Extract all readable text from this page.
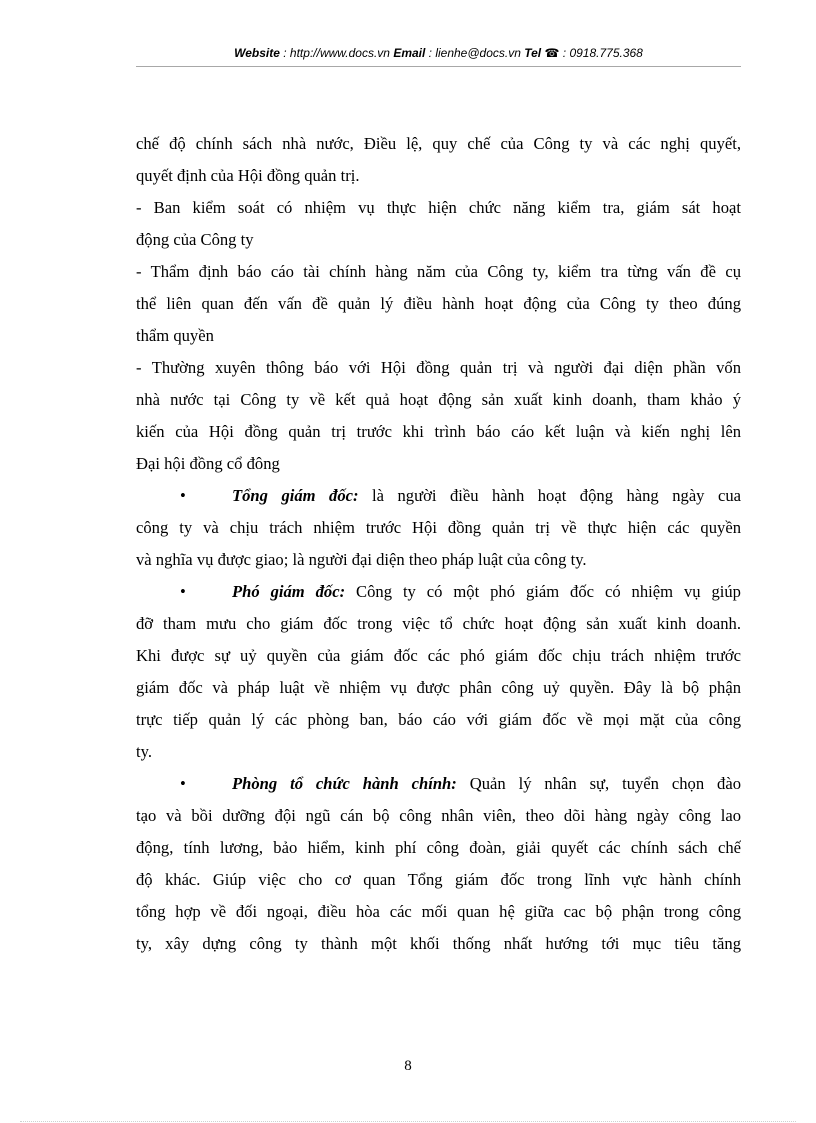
Website : http://www.docs.vn Email : lienhe@docs.vn Tel ☎ : 0918.775.368
chế độ chính sách nhà nước, Điều lệ, quy chế của Công ty và các nghị quyết,
quyết định của Hội đồng quản trị.
- Ban kiểm soát có nhiệm vụ thực hiện chức năng kiểm tra, giám sát hoạt
động của Công ty
- Thẩm định báo cáo tài chính hàng năm của Công ty, kiểm tra từng vấn đề cụ
thể liên quan đến vấn đề quản lý điều hành hoạt động của Công ty theo đúng
thẩm quyền
- Thường xuyên thông báo với Hội đồng quản trị và người đại diện phần vốn
nhà nước tại Công ty về kết quả hoạt động sản xuất kinh doanh, tham khảo ý
kiến của Hội đồng quản trị trước khi trình báo cáo kết luận và kiến nghị lên
Đại hội đồng cổ đông
•	Tổng giám đốc: là người điều hành hoạt động hàng ngày cua
công ty và chịu trách nhiệm trước Hội đồng quản trị về thực hiện các quyền
và nghĩa vụ được giao; là người đại diện theo pháp luật của công ty.
•	Phó giám đốc: Công ty có một phó giám đốc có nhiệm vụ giúp
đỡ tham mưu cho giám đốc trong việc tổ chức hoạt động sản xuất kinh doanh.
Khi được sự uỷ quyền của giám đốc các phó giám đốc chịu trách nhiệm trước
giám đốc và pháp luật về nhiệm vụ được phân công uỷ quyền. Đây là bộ phận
trực tiếp quản lý các phòng ban, báo cáo với giám đốc về mọi mặt của công
ty.
•	Phòng tổ chức hành chính: Quản lý nhân sự, tuyển chọn đào
tạo và bồi dưỡng đội ngũ cán bộ công nhân viên, theo dõi hàng ngày công lao
động, tính lương, bảo hiểm, kinh phí công đoàn, giải quyết các chính sách chế
độ khác. Giúp việc cho cơ quan Tổng giám đốc trong lĩnh vực hành chính
tổng hợp về đối ngoại, điều hòa các mối quan hệ giữa cac bộ phận trong công
ty, xây dựng công ty thành một khối thống nhất hướng tới mục tiêu tăng
8
